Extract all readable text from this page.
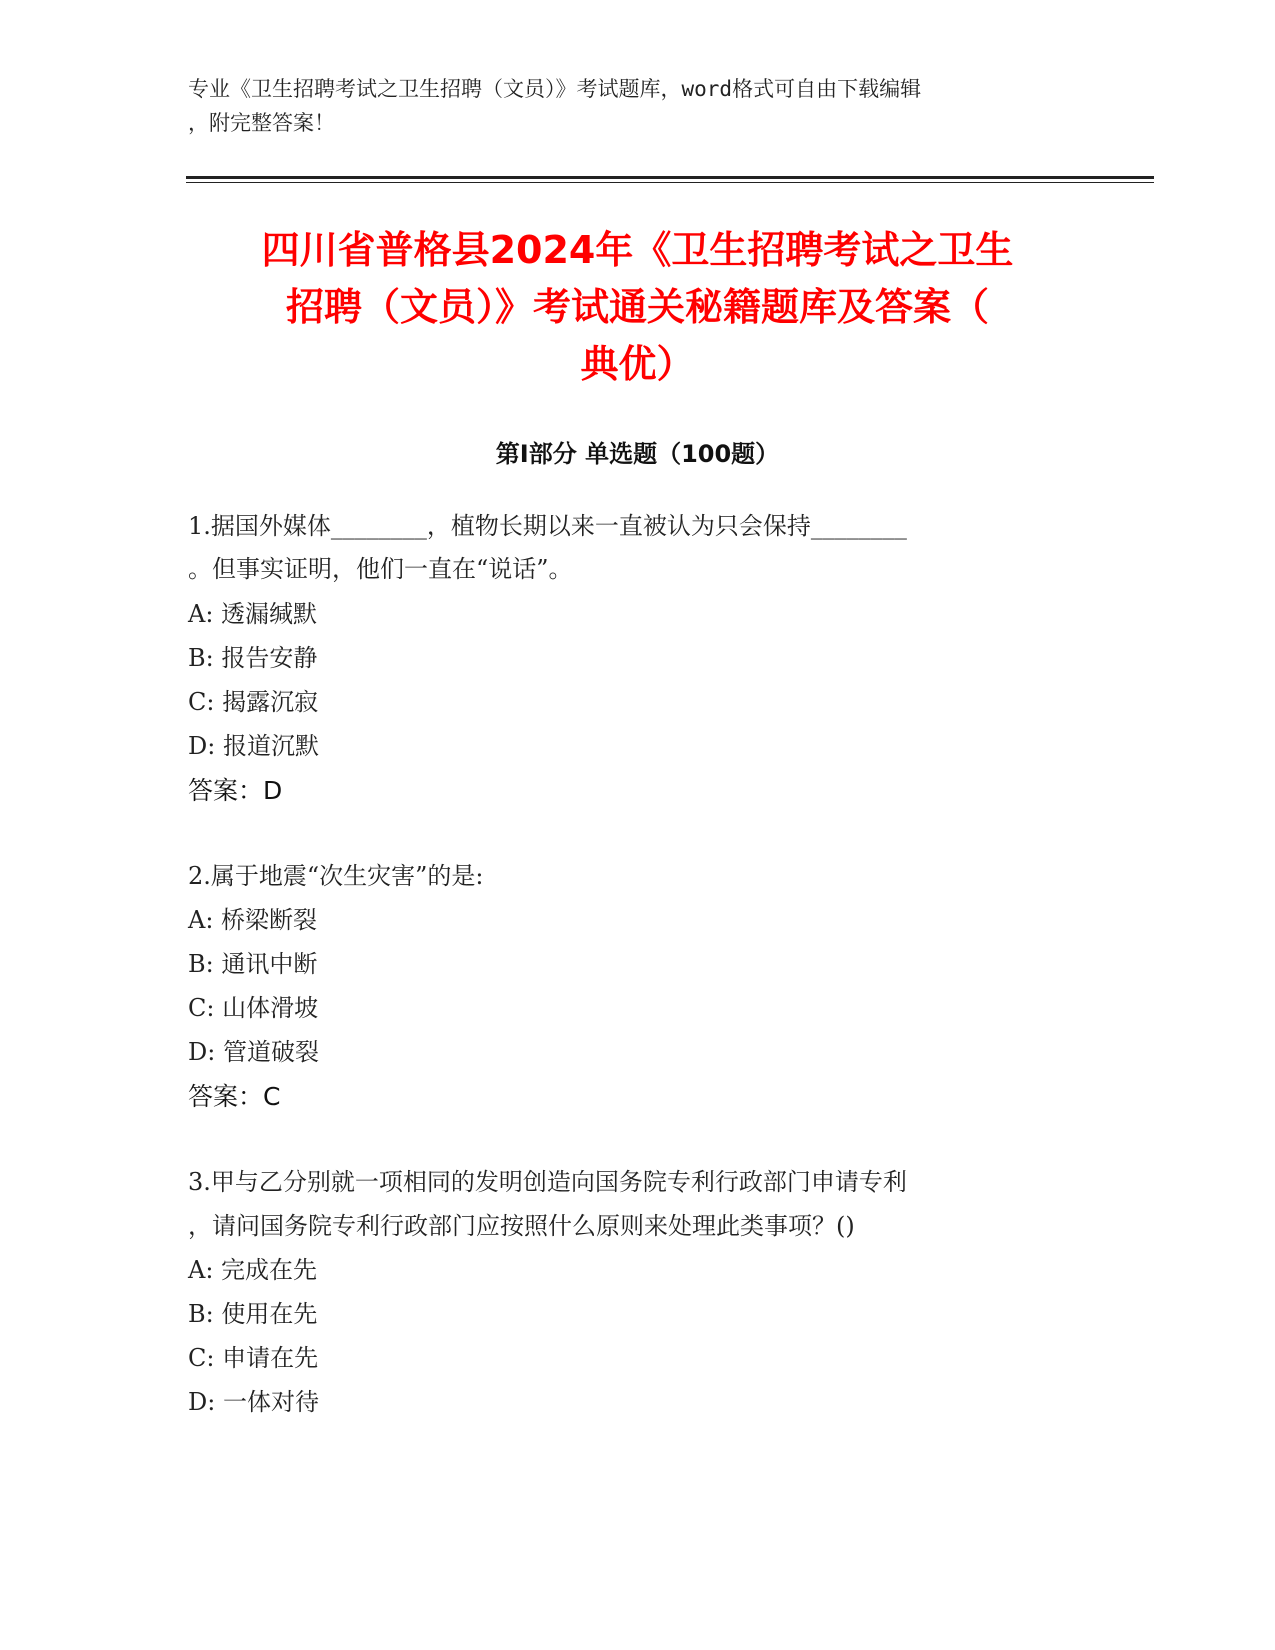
专业《卫生招聘考试之卫生招聘（文员）》考试题库，word格式可自由下载编辑
，附完整答案！
四川省普格县2024年《卫生招聘考试之卫生
招聘（文员）》考试通关秘籍题库及答案（
典优）
第I部分 单选题（100题）

1.据国外媒体________，植物长期以来一直被认为只会保持________

。但事实证明，他们一直在“说话”。

A: 透漏缄默

B: 报告安静

C: 揭露沉寂

D: 报道沉默

答案：D

2.属于地震“次生灾害”的是:

A: 桥梁断裂

B: 通讯中断

C: 山体滑坡

D: 管道破裂

答案：C

3.甲与乙分别就一项相同的发明创造向国务院专利行政部门申请专利

，请问国务院专利行政部门应按照什么原则来处理此类事项？()

A: 完成在先

B: 使用在先

C: 申请在先

D: 一体对待
